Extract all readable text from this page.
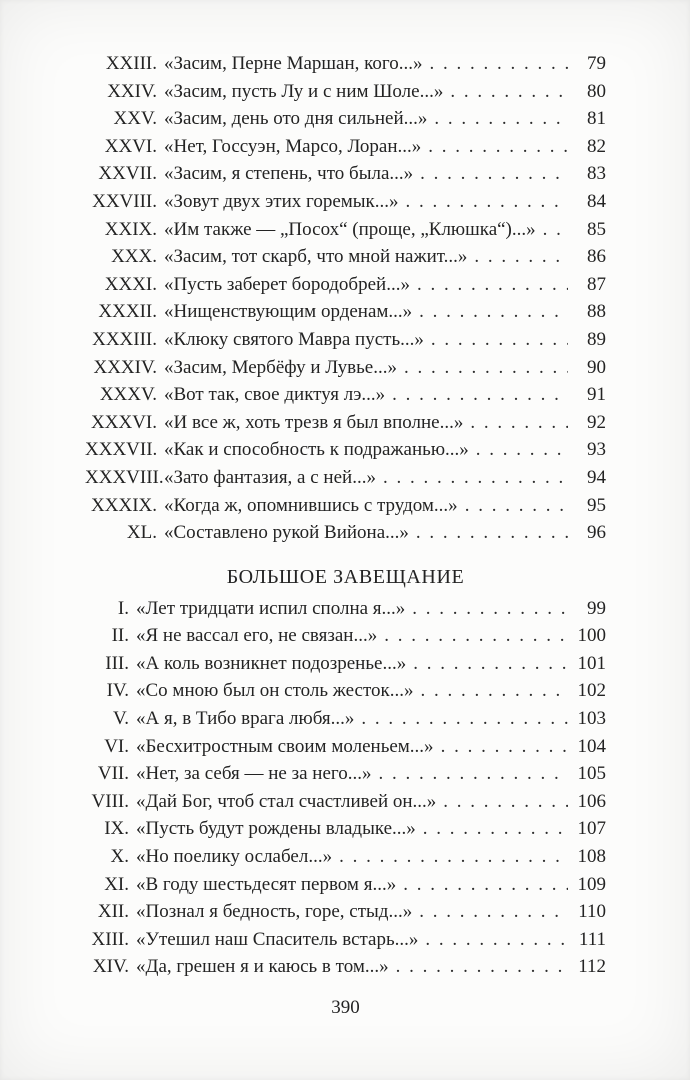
XXIII. «Засим, Перне Маршан, кого...» . . .	79
XXIV. «Засим, пусть Лу и с ним Шоле...» . . .	80
XXV. «Засим, день ото дня сильней...» . . .	81
XXVI. «Нет, Госсуэн, Марсо, Лоран...» . . .	82
XXVII. «Засим, я степень, что была...» . . .	83
XXVIII. «Зовут двух этих горемык...» . . .	84
XXIX. «Им также — „Посох“ (проще, „Клюшка“)...» . . .	85
XXX. «Засим, тот скарб, что мной нажит...» . . .	86
XXXI. «Пусть заберет бородобрей...» . . .	87
XXXII. «Нищенствующим орденам...» . . .	88
XXXIII. «Клюку святого Мавра пусть...» . . .	89
XXXIV. «Засим, Мербёфу и Лувье...» . . .	90
XXXV. «Вот так, свое диктуя лэ...» . . .	91
XXXVI. «И все ж, хоть трезв я был вполне...» . . .	92
XXXVII. «Как и способность к подражанью...» . . .	93
XXXVIII. «Зато фантазия, а с ней...» . . .	94
XXXIX. «Когда ж, опомнившись с трудом...» . . .	95
XL. «Составлено рукой Вийона...» . . .	96
БОЛЬШОЕ ЗАВЕЩАНИЕ
I. «Лет тридцати испил сполна я...» . . .	99
II. «Я не вассал его, не связан...» . . .	100
III. «А коль возникнет подозренье...» . . .	101
IV. «Со мною был он столь жесток...» . . .	102
V. «А я, в Тибо врага любя...» . . .	103
VI. «Бесхитростным своим моленьем...» . . .	104
VII. «Нет, за себя — не за него...» . . .	105
VIII. «Дай Бог, чтоб стал счастливей он...» . . .	106
IX. «Пусть будут рождены владыке...» . . .	107
X. «Но поелику ослабел...» . . .	108
XI. «В году шестьдесят первом я...» . . .	109
XII. «Познал я бедность, горе, стыд...» . . .	110
XIII. «Утешил наш Спаситель встарь...» . . .	111
XIV. «Да, грешен я и каюсь в том...» . . .	112
390
